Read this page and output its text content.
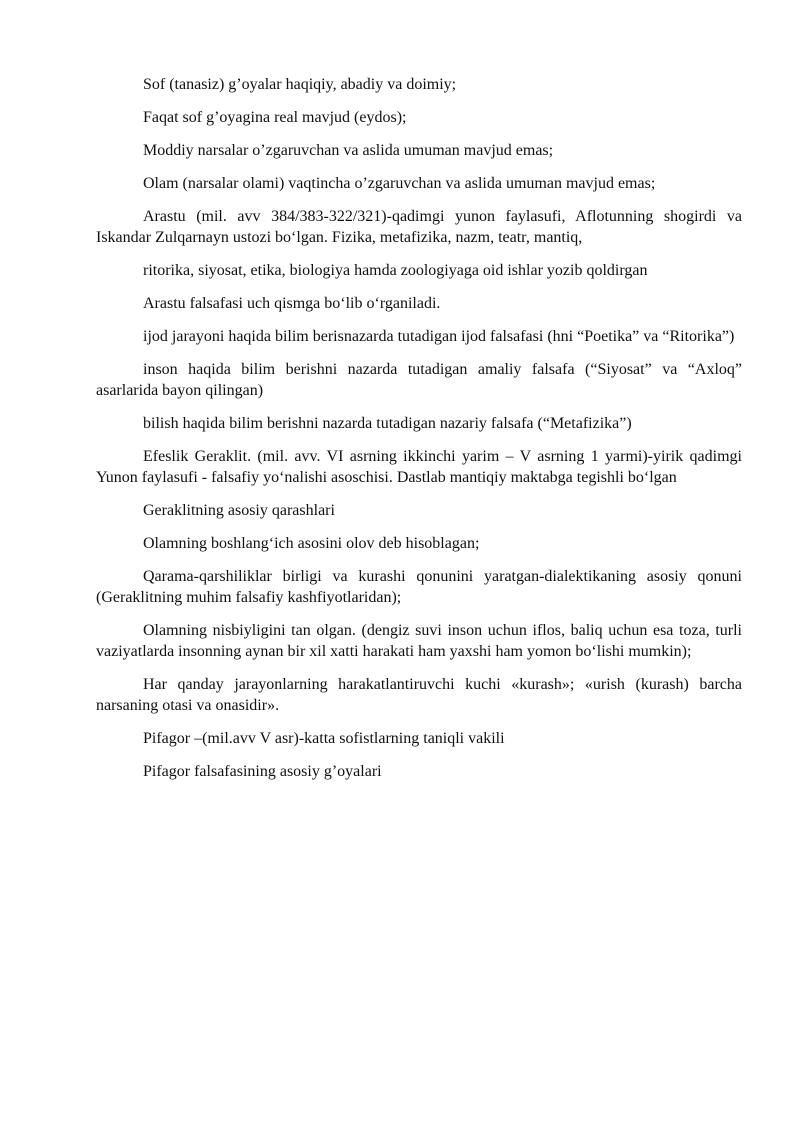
Sof (tanasiz) g’oyalar haqiqiy, abadiy va doimiy;

Faqat sof g’oyagina real mavjud (eydos);

Moddiy narsalar o’zgaruvchan va aslida umuman mavjud emas;

Olam (narsalar olami) vaqtincha o’zgaruvchan va aslida umuman mavjud emas;

Arastu (mil. avv 384/383-322/321)-qadimgi yunon faylasufi, Aflotunning shogirdi va Iskandar Zulqarnayn ustozi bo‘lgan. Fizika, metafizika, nazm, teatr, mantiq,

ritorika, siyosat, etika, biologiya hamda zoologiyaga oid ishlar yozib qoldirgan

Arastu falsafasi uch qismga bo‘lib o‘rganiladi.

ijod jarayoni haqida bilim berisnazarda tutadigan ijod falsafasi (hni “Poetika” va “Ritorika”)

inson haqida bilim berishni nazarda tutadigan amaliy falsafa (“Siyosat” va “Axloq” asarlarida bayon qilingan)

bilish haqida bilim berishni nazarda tutadigan nazariy falsafa (“Metafizika”)

Efeslik Geraklit. (mil. avv. VI asrning ikkinchi yarim – V asrning 1 yarmi)-yirik qadimgi Yunon faylasufi - falsafiy yo‘nalishi asoschisi. Dastlab mantiqiy maktabga tegishli bo‘lgan

Geraklitning asosiy qarashlari

Olamning boshlang‘ich asosini olov deb hisoblagan;

Qarama-qarshiliklar birligi va kurashi qonunini yaratgan-dialektikaning asosiy qonuni (Geraklitning muhim falsafiy kashfiyotlaridan);

Olamning nisbiyligini tan olgan. (dengiz suvi inson uchun iflos, baliq uchun esa toza, turli vaziyatlarda insonning aynan bir xil xatti harakati ham yaxshi ham yomon bo‘lishi mumkin);

Har qanday jarayonlarning harakatlantiruvchi kuchi «kurash»; «urish (kurash) barcha narsaning otasi va onasidir».

Pifagor –(mil.avv V asr)-katta sofistlarning taniqli vakili

Pifagor falsafasining asosiy g’oyalari
